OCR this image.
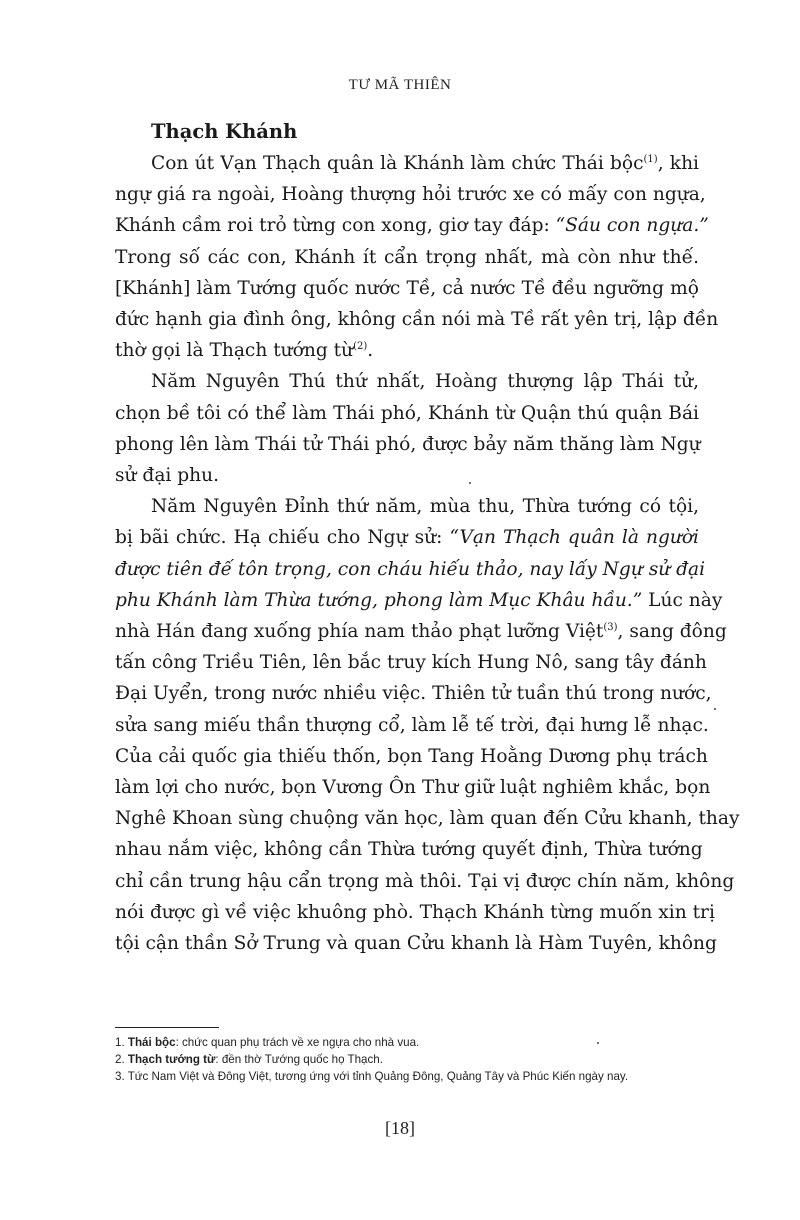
TƯ MÃ THIÊN
Thạch Khánh

Con út Vạn Thạch quân là Khánh làm chức Thái bộc$^{(1)}$, khi
ngự giá ra ngoài, Hoàng thượng hỏi trước xe có mấy con ngựa,
Khánh cầm roi trỏ từng con xong, giơ tay đáp: “Sáu con ngựa.”
Trong số các con, Khánh ít cẩn trọng nhất, mà còn như thế.
[Khánh] làm Tướng quốc nước Tề, cả nước Tề đều ngưỡng mộ
đức hạnh gia đình ông, không cần nói mà Tề rất yên trị, lập đền
thờ gọi là Thạch tướng từ$^{(2)}$.

Năm Nguyên Thú thứ nhất, Hoàng thượng lập Thái tử,
chọn bề tôi có thể làm Thái phó, Khánh từ Quận thú quận Bái
phong lên làm Thái tử Thái phó, được bảy năm thăng làm Ngự
sử đại phu.

Năm Nguyên Đỉnh thứ năm, mùa thu, Thừa tướng có tội,
bị bãi chức. Hạ chiếu cho Ngự sử: “Vạn Thạch quân là người
được tiên đế tôn trọng, con cháu hiếu thảo, nay lấy Ngự sử đại
phu Khánh làm Thừa tướng, phong làm Mục Khâu hầu.” Lúc này
nhà Hán đang xuống phía nam thảo phạt lưỡng Việt$^{(3)}$, sang đông
tấn công Triều Tiên, lên bắc truy kích Hung Nô, sang tây đánh
Đại Uyển, trong nước nhiều việc. Thiên tử tuần thú trong nước,
sửa sang miếu thần thượng cổ, làm lễ tế trời, đại hưng lễ nhạc.
Của cải quốc gia thiếu thốn, bọn Tang Hoằng Dương phụ trách
làm lợi cho nước, bọn Vương Ôn Thư giữ luật nghiêm khắc, bọn
Nghê Khoan sùng chuộng văn học, làm quan đến Cửu khanh, thay
nhau nắm việc, không cần Thừa tướng quyết định, Thừa tướng
chỉ cần trung hậu cẩn trọng mà thôi. Tại vị được chín năm, không
nói được gì về việc khuông phò. Thạch Khánh từng muốn xin trị
tội cận thần Sở Trung và quan Cửu khanh là Hàm Tuyên, không

1. Thái bộc: chức quan phụ trách về xe ngựa cho nhà vua.
2. Thạch tướng từ: đền thờ Tướng quốc họ Thạch.
3. Tức Nam Việt và Đông Việt, tương ứng với tỉnh Quảng Đông, Quảng Tây và Phúc Kiến ngày nay.
[18]
